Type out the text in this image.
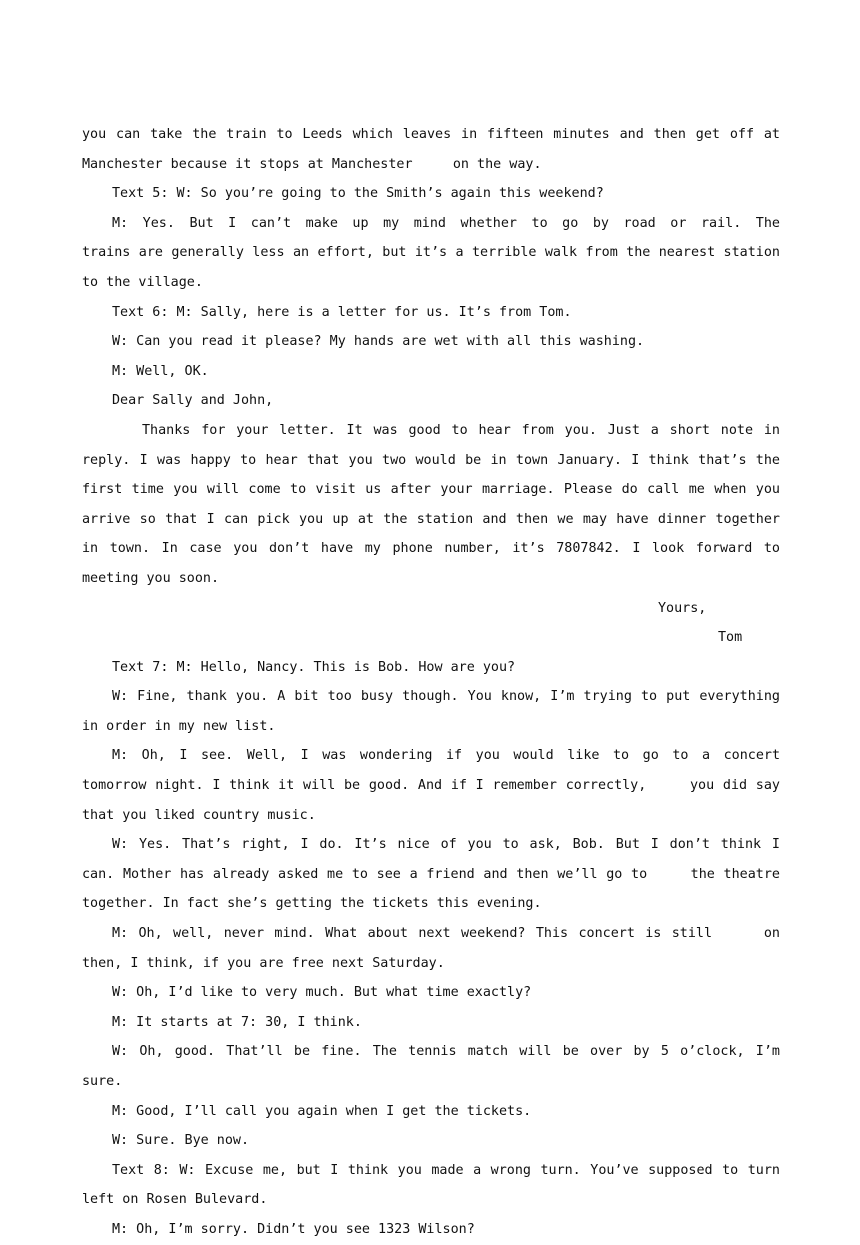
you can take the train to Leeds which leaves in fifteen minutes and then get off at Manchester because it stops at Manchester     on the way.

Text 5: W: So you’re going to the Smith’s again this weekend?

M: Yes. But I can’t make up my mind whether to go by road or rail. The       trains are generally less an effort, but it’s a terrible walk from the nearest station to the village.

Text 6: M: Sally, here is a letter for us. It’s from Tom.

W: Can you read it please? My hands are wet with all this washing.

M: Well, OK.

Dear Sally and John,

Thanks for your letter. It was good to hear from you. Just a short note in reply. I was happy to hear that you two would be in town January. I think that’s the first time you will come to visit us after your marriage. Please do call me when you arrive so that I can pick you up at the station and then we may have dinner together in town. In case you don’t have my phone number, it’s 7807842. I look forward to meeting you soon.

Yours,

Tom

Text 7: M: Hello, Nancy. This is Bob. How are you?

W: Fine, thank you. A bit too busy though. You know, I’m trying to put everything in order in my new list.

M: Oh, I see. Well, I was wondering if you would like to go to a concert     tomorrow night. I think it will be good. And if I remember correctly,     you did say that you liked country music.

W: Yes. That’s right, I do. It’s nice of you to ask, Bob. But I don’t think I     can. Mother has already asked me to see a friend and then we’ll go to     the theatre together. In fact she’s getting the tickets this evening.

M: Oh, well, never mind. What about next weekend? This concert is still     on then, I think, if you are free next Saturday.

W: Oh, I’d like to very much. But what time exactly?

M: It starts at 7: 30, I think.

W: Oh, good. That’ll be fine. The tennis match will be over by 5 o’clock, I’m sure.

M: Good, I’ll call you again when I get the tickets.

W: Sure. Bye now.

Text 8: W: Excuse me, but I think you made a wrong turn. You’ve supposed to turn left on Rosen Bulevard.

M: Oh, I’m sorry. Didn’t you see 1323 Wilson?
